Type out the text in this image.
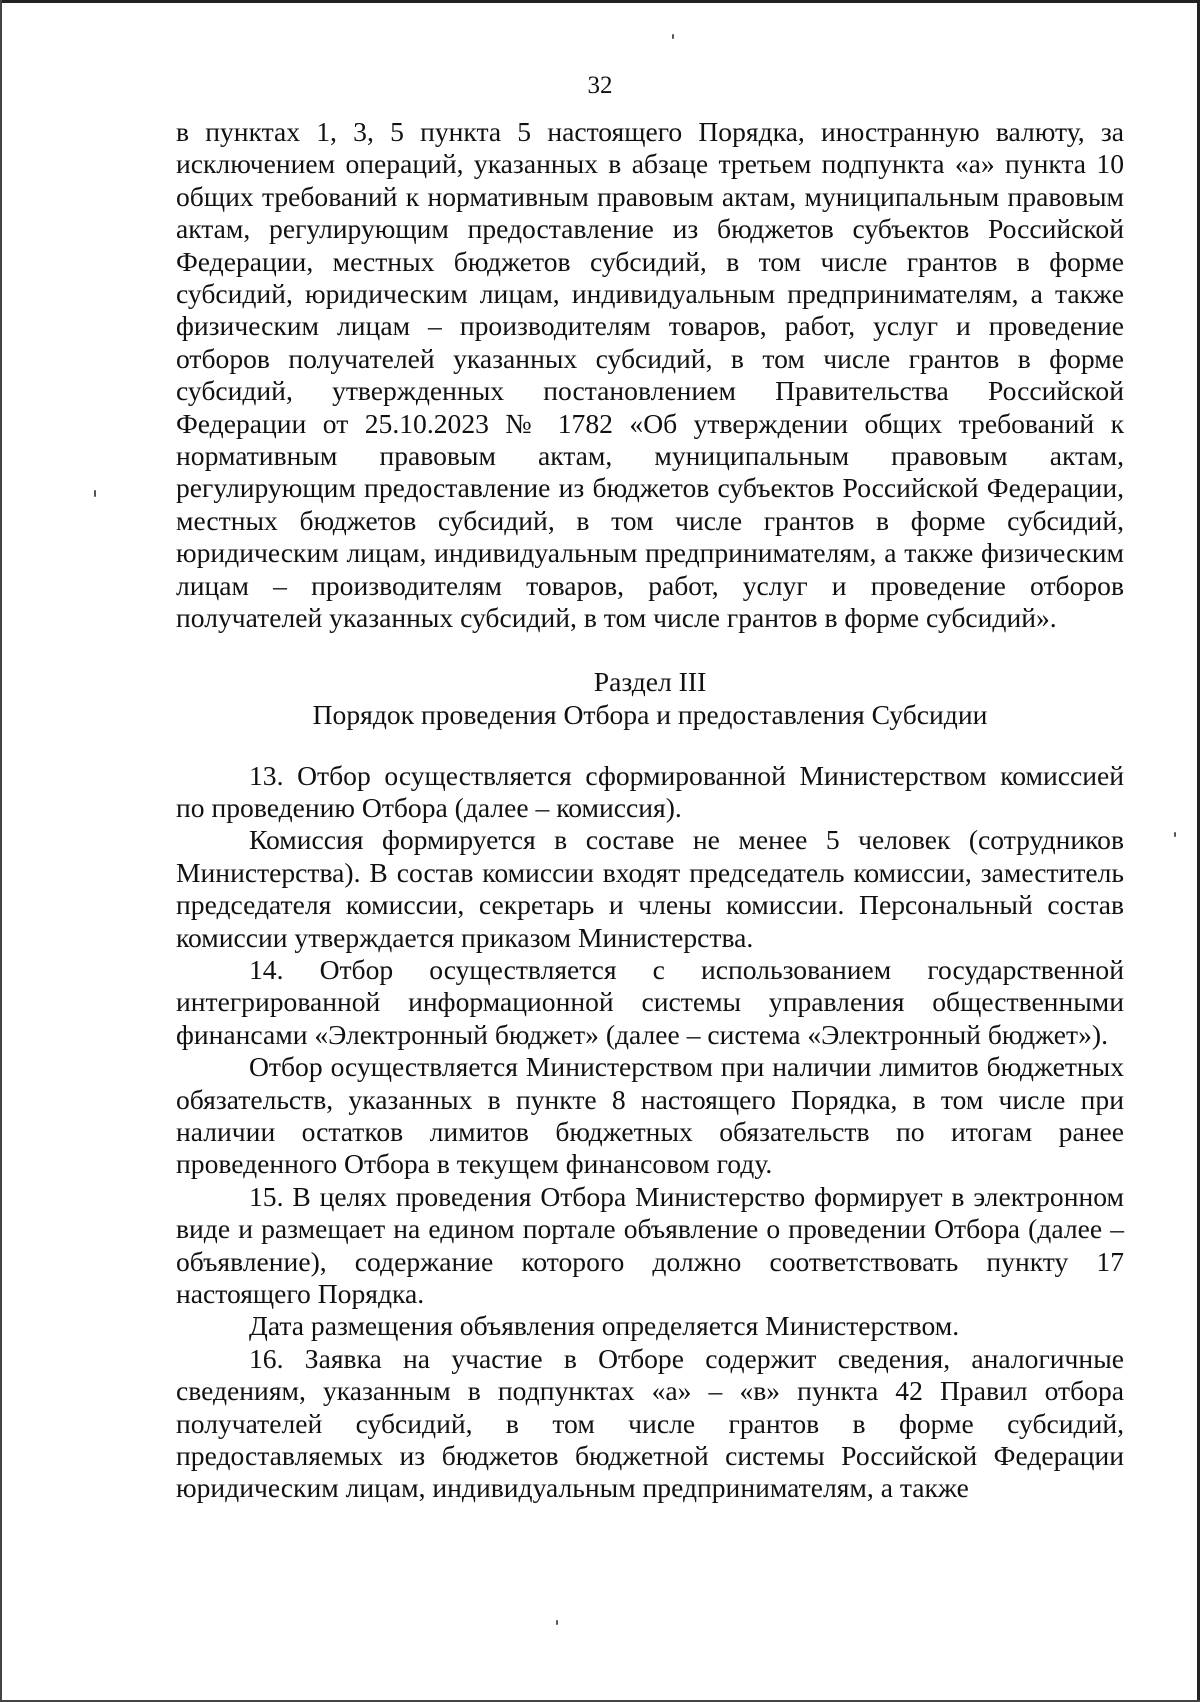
32

в пунктах 1, 3, 5 пункта 5 настоящего Порядка, иностранную валюту, за исключением операций, указанных в абзаце третьем подпункта «а» пункта 10 общих требований к нормативным правовым актам, муниципальным правовым актам, регулирующим предоставление из бюджетов субъектов Российской Федерации, местных бюджетов субсидий, в том числе грантов в форме субсидий, юридическим лицам, индивидуальным предпринимателям, а также физическим лицам – производителям товаров, работ, услуг и проведение отборов получателей указанных субсидий, в том числе грантов в форме субсидий, утвержденных постановлением Правительства Российской Федерации от 25.10.2023 № 1782 «Об утверждении общих требований к нормативным правовым актам, муниципальным правовым актам, регулирующим предоставление из бюджетов субъектов Российской Федерации, местных бюджетов субсидий, в том числе грантов в форме субсидий, юридическим лицам, индивидуальным предпринимателям, а также физическим лицам – производителям товаров, работ, услуг и проведение отборов получателей указанных субсидий, в том числе грантов в форме субсидий».

Раздел III
Порядок проведения Отбора и предоставления Субсидии

13. Отбор осуществляется сформированной Министерством комиссией по проведению Отбора (далее – комиссия).

Комиссия формируется в составе не менее 5 человек (сотрудников Министерства). В состав комиссии входят председатель комиссии, заместитель председателя комиссии, секретарь и члены комиссии. Персональный состав комиссии утверждается приказом Министерства.

14. Отбор осуществляется с использованием государственной интегрированной информационной системы управления общественными финансами «Электронный бюджет» (далее – система «Электронный бюджет»).

Отбор осуществляется Министерством при наличии лимитов бюджетных обязательств, указанных в пункте 8 настоящего Порядка, в том числе при наличии остатков лимитов бюджетных обязательств по итогам ранее проведенного Отбора в текущем финансовом году.

15. В целях проведения Отбора Министерство формирует в электронном виде и размещает на едином портале объявление о проведении Отбора (далее – объявление), содержание которого должно соответствовать пункту 17 настоящего Порядка.

Дата размещения объявления определяется Министерством.

16. Заявка на участие в Отборе содержит сведения, аналогичные сведениям, указанным в подпунктах «а» – «в» пункта 42 Правил отбора получателей субсидий, в том числе грантов в форме субсидий, предоставляемых из бюджетов бюджетной системы Российской Федерации юридическим лицам, индивидуальным предпринимателям, а также
